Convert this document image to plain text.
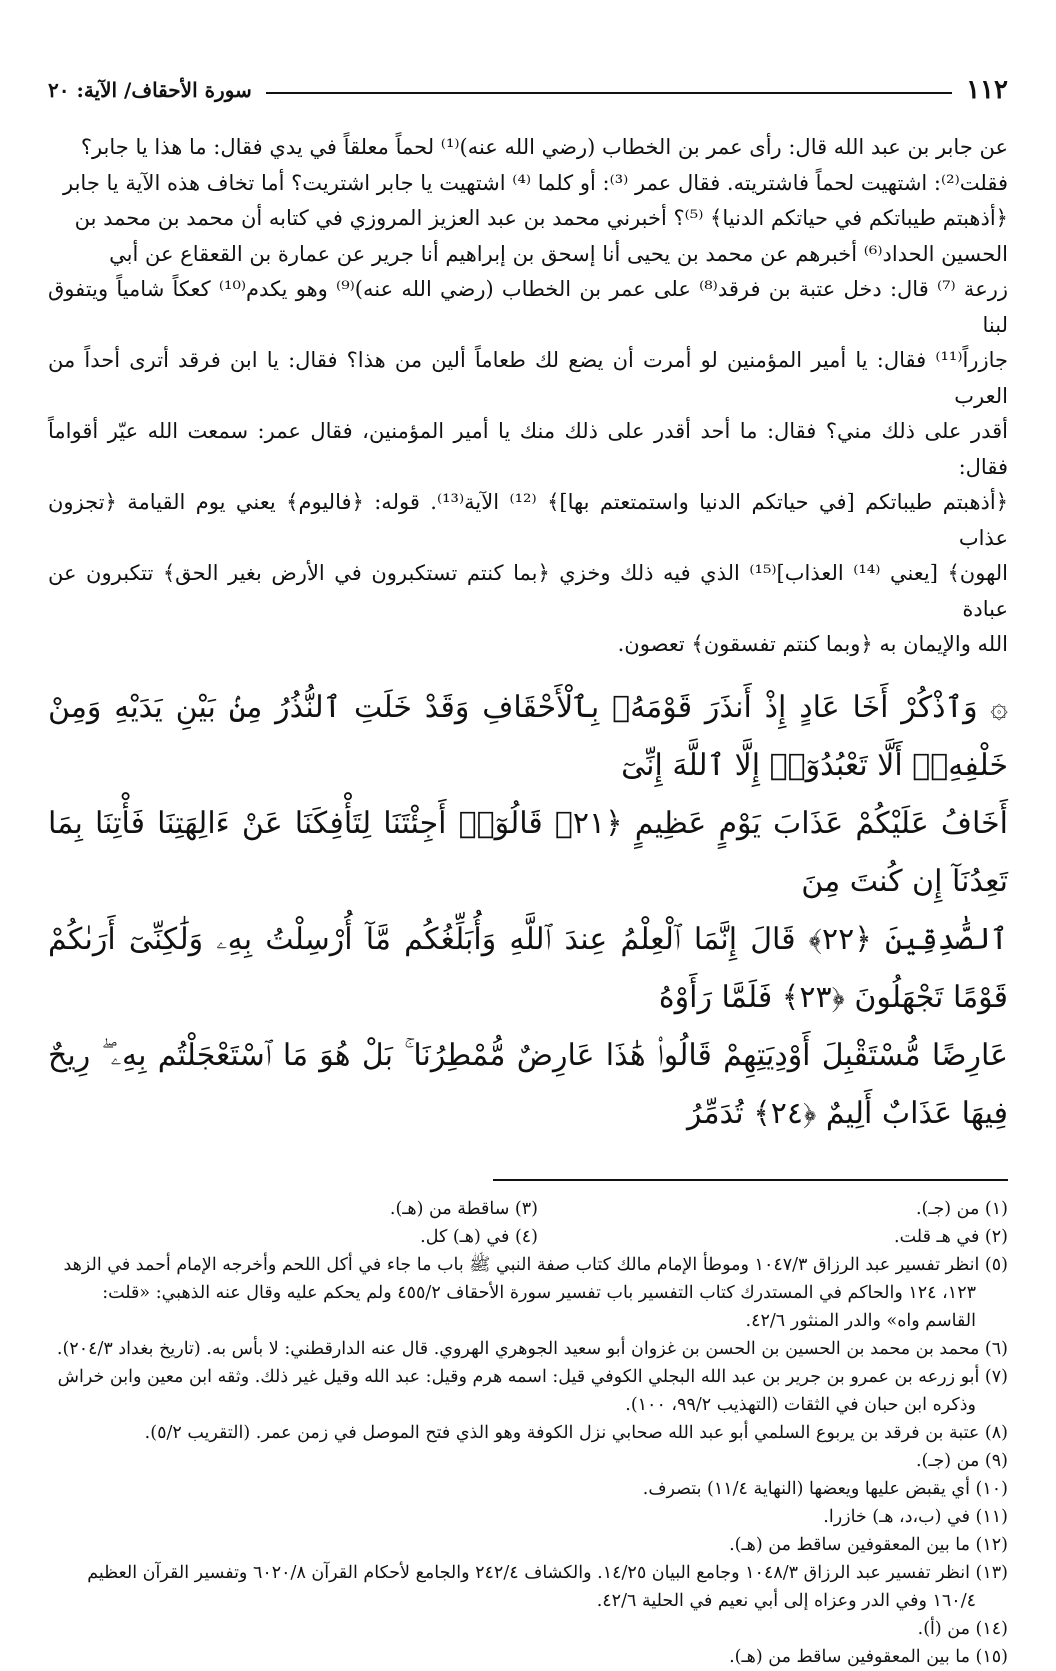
١١٢
سورة الأحقاف/ الآية: ٢٠

عن جابر بن عبد الله قال: رأى عمر بن الخطاب (رضي الله عنه)⁽¹⁾ لحماً معلقاً في يدي فقال: ما هذا يا جابر؟

فقلت⁽²⁾: اشتهيت لحماً فاشتريته. فقال عمر ⁽³⁾: أو كلما ⁽⁴⁾ اشتهيت يا جابر اشتريت؟ أما تخاف هذه الآية يا جابر

﴿أذهبتم طيباتكم في حياتكم الدنيا﴾ ⁽⁵⁾؟ أخبرني محمد بن عبد العزيز المروزي في كتابه أن محمد بن محمد بن

الحسين الحداد⁽⁶⁾ أخبرهم عن محمد بن يحيى أنا إسحق بن إبراهيم أنا جرير عن عمارة بن القعقاع عن أبي

زرعة ⁽⁷⁾ قال: دخل عتبة بن فرقد⁽⁸⁾ على عمر بن الخطاب (رضي الله عنه)⁽⁹⁾ وهو يكدم⁽¹⁰⁾ كعكاً شامياً ويتفوق لبنا

جازراً⁽¹¹⁾ فقال: يا أمير المؤمنين لو أمرت أن يضع لك طعاماً ألين من هذا؟ فقال: يا ابن فرقد أترى أحداً من العرب

أقدر على ذلك مني؟ فقال: ما أحد أقدر على ذلك منك يا أمير المؤمنين، فقال عمر: سمعت الله عيّر أقواماً فقال:

﴿أذهبتم طيباتكم [في حياتكم الدنيا واستمتعتم بها]﴾ ⁽¹²⁾ الآية⁽¹³⁾. قوله: ﴿فاليوم﴾ يعني يوم القيامة ﴿تجزون عذاب

الهون﴾ [يعني ⁽¹⁴⁾ العذاب]⁽¹⁵⁾ الذي فيه ذلك وخزي ﴿بما كنتم تستكبرون في الأرض بغير الحق﴾ تتكبرون عن عبادة

الله والإيمان به ﴿وبما كنتم تفسقون﴾ تعصون.

۞ وَٱذْكُرْ أَخَا عَادٍ إِذْ أَنذَرَ قَوْمَهُۥ بِٱلْأَحْقَافِ وَقَدْ خَلَتِ ٱلنُّذُرُ مِنۢ بَيْنِ يَدَيْهِ وَمِنْ خَلْفِهِۦٓ أَلَّا تَعْبُدُوٓا۟ إِلَّا ٱللَّهَ إِنِّىٓ
أَخَافُ عَلَيْكُمْ عَذَابَ يَوْمٍ عَظِيمٍ ﴿٢١﴾ قَالُوٓا۟ أَجِئْتَنَا لِتَأْفِكَنَا عَنْ ءَالِهَتِنَا فَأْتِنَا بِمَا تَعِدُنَآ إِن كُنتَ مِنَ
ٱلصَّٰدِقِينَ ﴿٢٢﴾ قَالَ إِنَّمَا ٱلْعِلْمُ عِندَ ٱللَّهِ وَأُبَلِّغُكُم مَّآ أُرْسِلْتُ بِهِۦ وَلَٰكِنِّىٓ أَرَىٰكُمْ قَوْمًا تَجْهَلُونَ ﴿٢٣﴾ فَلَمَّا رَأَوْهُ
عَارِضًا مُّسْتَقْبِلَ أَوْدِيَتِهِمْ قَالُوا۟ هَٰذَا عَارِضٌ مُّمْطِرُنَا ۚ بَلْ هُوَ مَا ٱسْتَعْجَلْتُم بِهِۦ ۖ رِيحٌ فِيهَا عَذَابٌ أَلِيمٌ ﴿٢٤﴾ تُدَمِّرُ
(١) من (جـ).
(٣) ساقطة من (هـ).
(٢) في هـ قلت.
(٤) في (هـ) كل.

(٥) انظر تفسير عبد الرزاق ١٠٤٧/٣ وموطأ الإمام مالك كتاب صفة النبي ﷺ باب ما جاء في أكل اللحم وأخرجه الإمام أحمد في الزهد ١٢٣، ١٢٤ والحاكم في المستدرك كتاب التفسير باب تفسير سورة الأحقاف ٤٥٥/٢ ولم يحكم عليه وقال عنه الذهبي: «قلت: القاسم واه» والدر المنثور ٤٢/٦.

(٦) محمد بن محمد بن الحسين بن الحسن بن غزوان أبو سعيد الجوهري الهروي. قال عنه الدارقطني: لا بأس به. (تاريخ بغداد ٢٠٤/٣).

(٧) أبو زرعه بن عمرو بن جرير بن عبد الله البجلي الكوفي قيل: اسمه هرم وقيل: عبد الله وقيل غير ذلك. وثقه ابن معين وابن خراش وذكره ابن حبان في الثقات (التهذيب ٩٩/٢، ١٠٠).

(٨) عتبة بن فرقد بن يربوع السلمي أبو عبد الله صحابي نزل الكوفة وهو الذي فتح الموصل في زمن عمر. (التقريب ٥/٢).

(٩) من (جـ).

(١٠) أي يقبض عليها ويعضها (النهاية ١١/٤) بتصرف.

(١١) في (ب،د، هـ) خازرا.

(١٢) ما بين المعقوفين ساقط من (هـ).

(١٣) انظر تفسير عبد الرزاق ١٠٤٨/٣ وجامع البيان ١٤/٢٥. والكشاف ٢٤٢/٤ والجامع لأحكام القرآن ٦٠٢٠/٨ وتفسير القرآن العظيم ١٦٠/٤ وفي الدر وعزاه إلى أبي نعيم في الحلية ٤٢/٦.

(١٤) من (أ).

(١٥) ما بين المعقوفين ساقط من (هـ).
